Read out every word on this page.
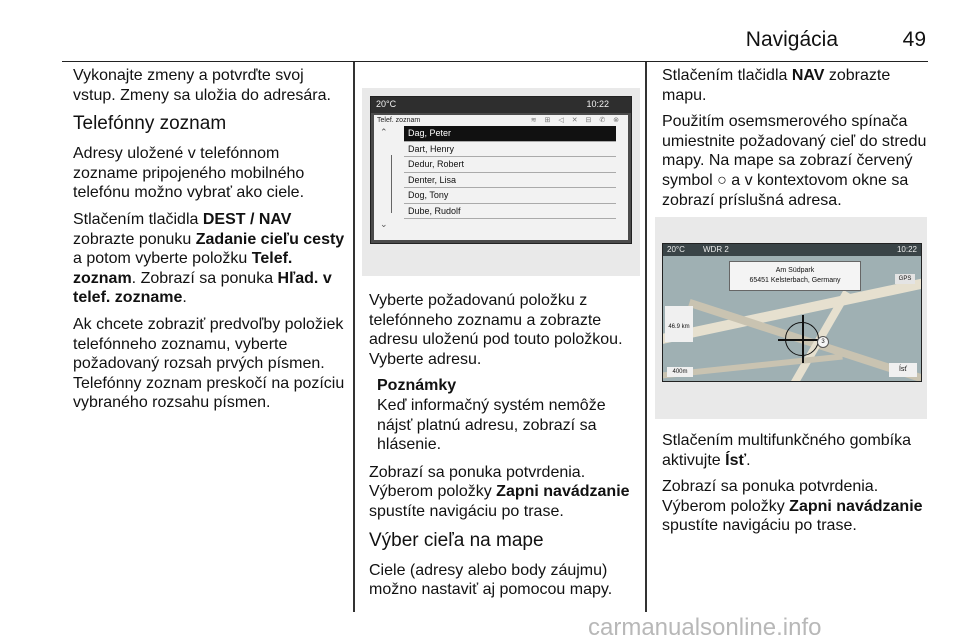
Navigácia	49

Vykonajte zmeny a potvrďte svoj vstup. Zmeny sa uložia do adresára.

Telefónny zoznam

Adresy uložené v telefónnom zozname pripojeného mobilného telefónu možno vybrať ako ciele.

Stlačením tlačidla DEST / NAV zobrazte ponuku Zadanie cieľu cesty a potom vyberte položku Telef. zoznam. Zobrazí sa ponuka Hľad. v telef. zozname.

Ak chcete zobraziť predvoľby položiek telefónneho zoznamu, vyberte požadovaný rozsah prvých písmen. Telefónny zoznam preskočí na pozíciu vybraného rozsahu písmen.

20°C	10:22
Telef. zoznam	≋ ⊞ ◁ ✕ ⊟ ✆ ⊗
⌃
⌄
Dag, Peter
Dart, Henry
Dedur, Robert
Denter, Lisa
Dog, Tony
Dube, Rudolf

Vyberte požadovanú položku z telefónneho zoznamu a zobrazte adresu uloženú pod touto položkou. Vyberte adresu.

Poznámky
Keď informačný systém nemôže nájsť platnú adresu, zobrazí sa hlásenie.

Zobrazí sa ponuka potvrdenia. Výberom položky Zapni navádzanie spustíte navigáciu po trase.

Výber cieľa na mape

Ciele (adresy alebo body záujmu) možno nastaviť aj pomocou mapy.

Stlačením tlačidla NAV zobrazte mapu.

Použitím osemsmerového spínača umiestnite požadovaný cieľ do stredu mapy. Na mape sa zobrazí červený symbol ○ a v kontextovom okne sa zobrazí príslušná adresa.

20°C WDR 2	10:22
Am Südpark
65451 Kelsterbach, Germany	GPS
46.9 km
3
400m	Ísť

Stlačením multifunkčného gombíka aktivujte Ísť.

Zobrazí sa ponuka potvrdenia. Výberom položky Zapni navádzanie spustíte navigáciu po trase.

carmanualsonline.info
